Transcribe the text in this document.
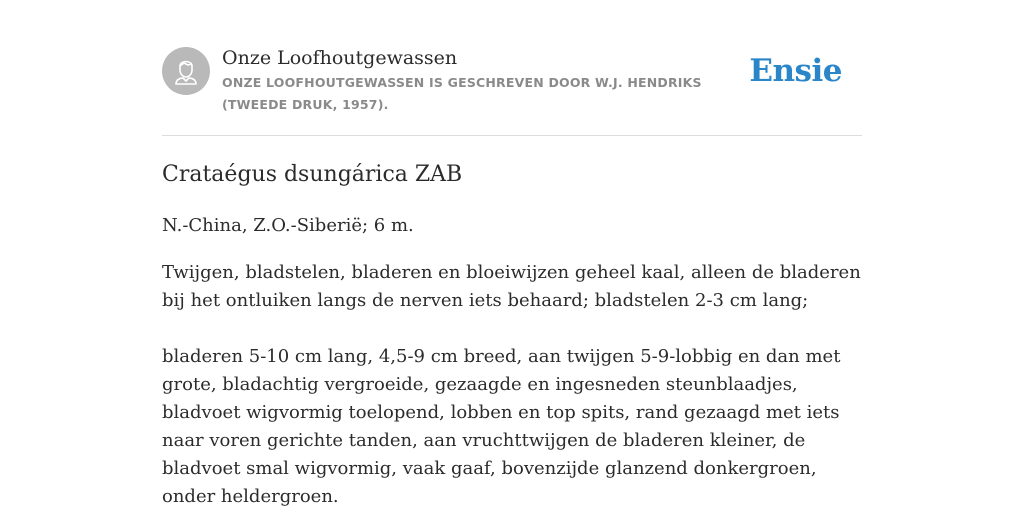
Onze Loofhoutgewassen
ONZE LOOFHOUTGEWASSEN IS GESCHREVEN DOOR W.J. HENDRIKS (TWEEDE DRUK, 1957).
Ensie
Crataégus dsungárica ZAB
N.-China, Z.O.-Siberië; 6 m.
Twijgen, bladstelen, bladeren en bloeiwijzen geheel kaal, alleen de bladeren bij het ontluiken langs de nerven iets behaard; bladstelen 2-3 cm lang;
bladeren 5-10 cm lang, 4,5-9 cm breed, aan twijgen 5-9-lobbig en dan met grote, bladachtig vergroeide, gezaagde en ingesneden steunblaadjes, bladvoet wigvormig toelopend, lobben en top spits, rand gezaagd met iets naar voren gerichte tanden, aan vruchttwijgen de bladeren kleiner, de bladvoet smal wigvormig, vaak gaaf, bovenzijde glanzend donkergroen, onder heldergroen.
